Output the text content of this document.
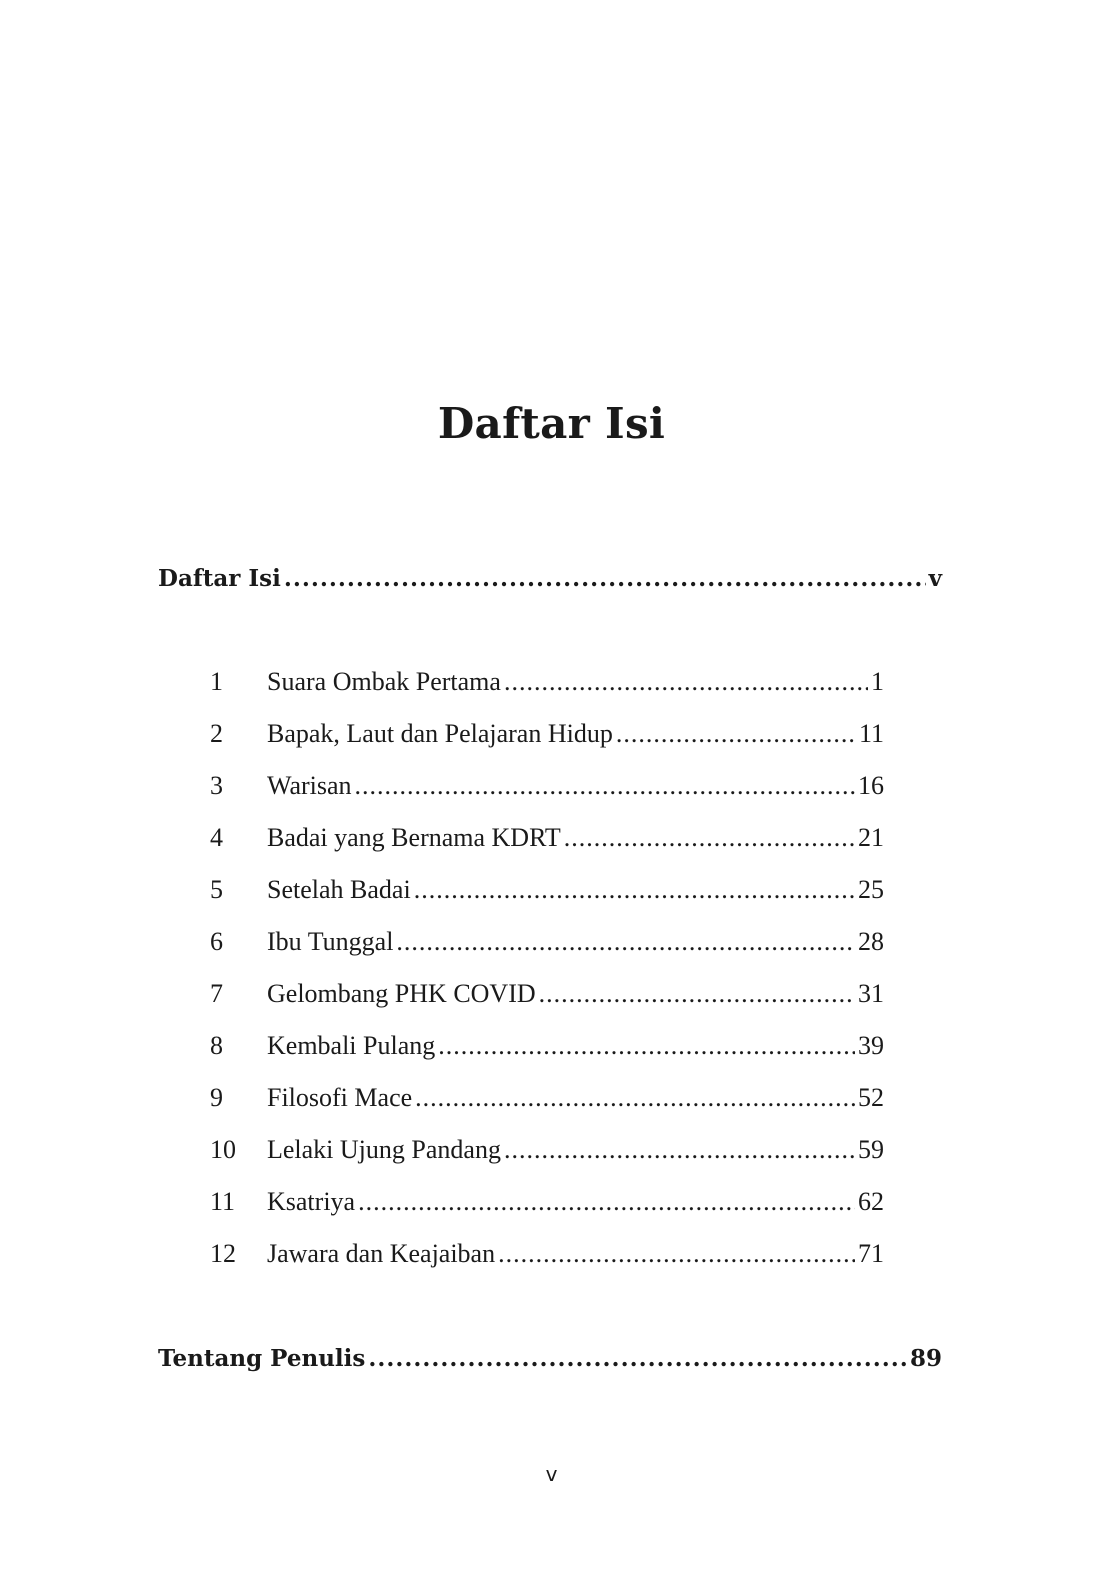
Daftar Isi
Daftar Isi .....	v
1	Suara Ombak Pertama .....	1
2	Bapak, Laut dan Pelajaran Hidup .....	11
3	Warisan .....	16
4	Badai yang Bernama KDRT .....	21
5	Setelah Badai .....	25
6	Ibu Tunggal .....	28
7	Gelombang PHK COVID .....	31
8	Kembali Pulang .....	39
9	Filosofi Mace .....	52
10	Lelaki Ujung Pandang .....	59
11	Ksatriya .....	62
12	Jawara dan Keajaiban .....	71
Tentang Penulis .....	89
v
